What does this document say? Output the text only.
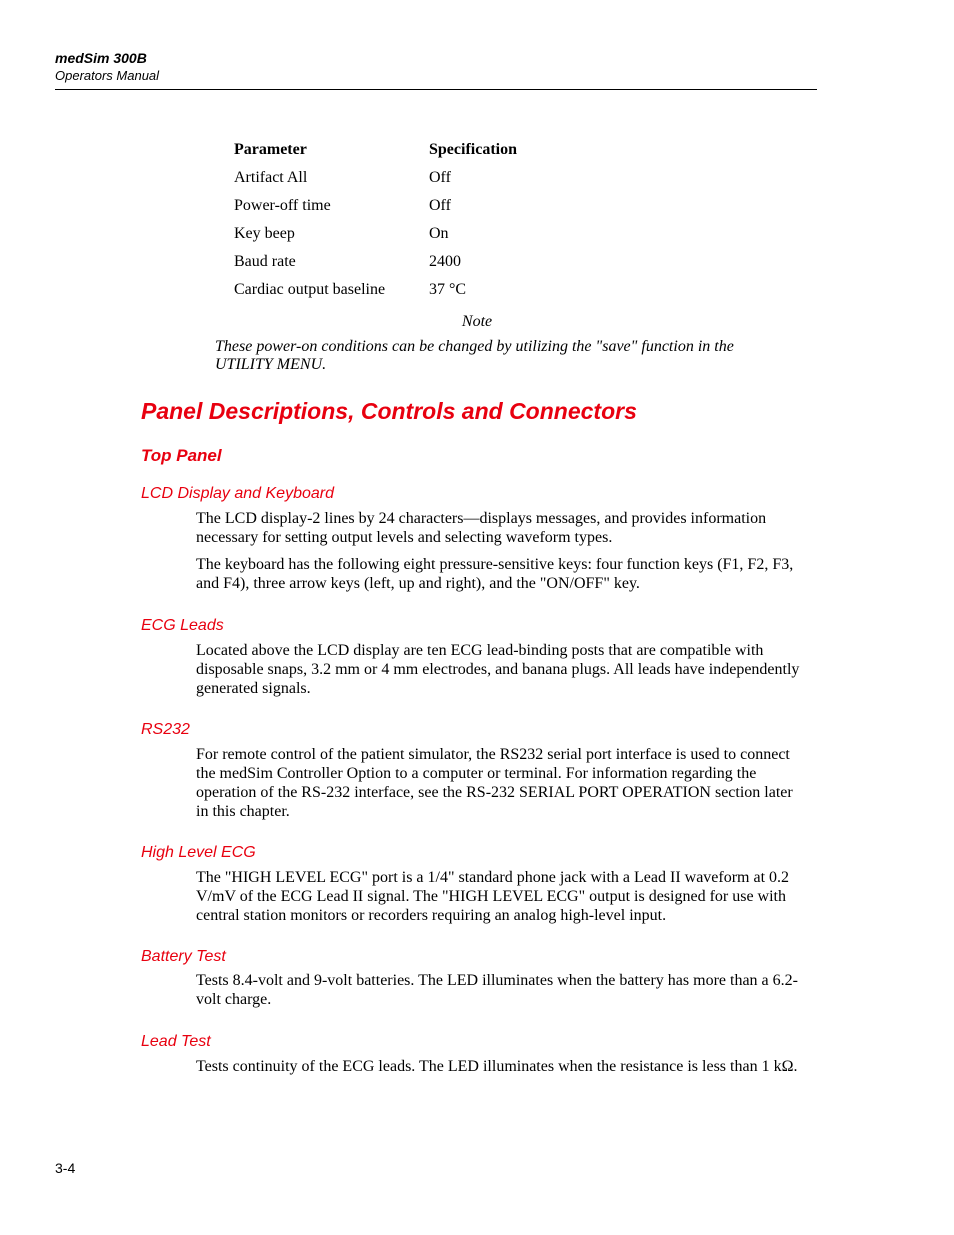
medSim 300B
Operators Manual
Parameter	Specification
Artifact All	Off
Power-off time	Off
Key beep	On
Baud rate	2400
Cardiac output baseline	37 °C
Note
These power-on conditions can be changed by utilizing the "save" function in the UTILITY MENU.
Panel Descriptions, Controls and Connectors
Top Panel
LCD Display and Keyboard
The LCD display-2 lines by 24 characters—displays messages, and provides information necessary for setting output levels and selecting waveform types.
The keyboard has the following eight pressure-sensitive keys: four function keys (F1, F2, F3, and F4), three arrow keys (left, up and right), and the "ON/OFF" key.
ECG Leads
Located above the LCD display are ten ECG lead-binding posts that are compatible with disposable snaps, 3.2 mm or 4 mm electrodes, and banana plugs. All leads have independently generated signals.
RS232
For remote control of the patient simulator, the RS232 serial port interface is used to connect the medSim Controller Option to a computer or terminal. For information regarding the operation of the RS-232 interface, see the RS-232 SERIAL PORT OPERATION section later in this chapter.
High Level ECG
The "HIGH LEVEL ECG" port is a 1/4" standard phone jack with a Lead II waveform at 0.2 V/mV of the ECG Lead II signal. The "HIGH LEVEL ECG" output is designed for use with central station monitors or recorders requiring an analog high-level input.
Battery Test
Tests 8.4-volt and 9-volt batteries. The LED illuminates when the battery has more than a 6.2-volt charge.
Lead Test
Tests continuity of the ECG leads. The LED illuminates when the resistance is less than 1 kΩ.
3-4
